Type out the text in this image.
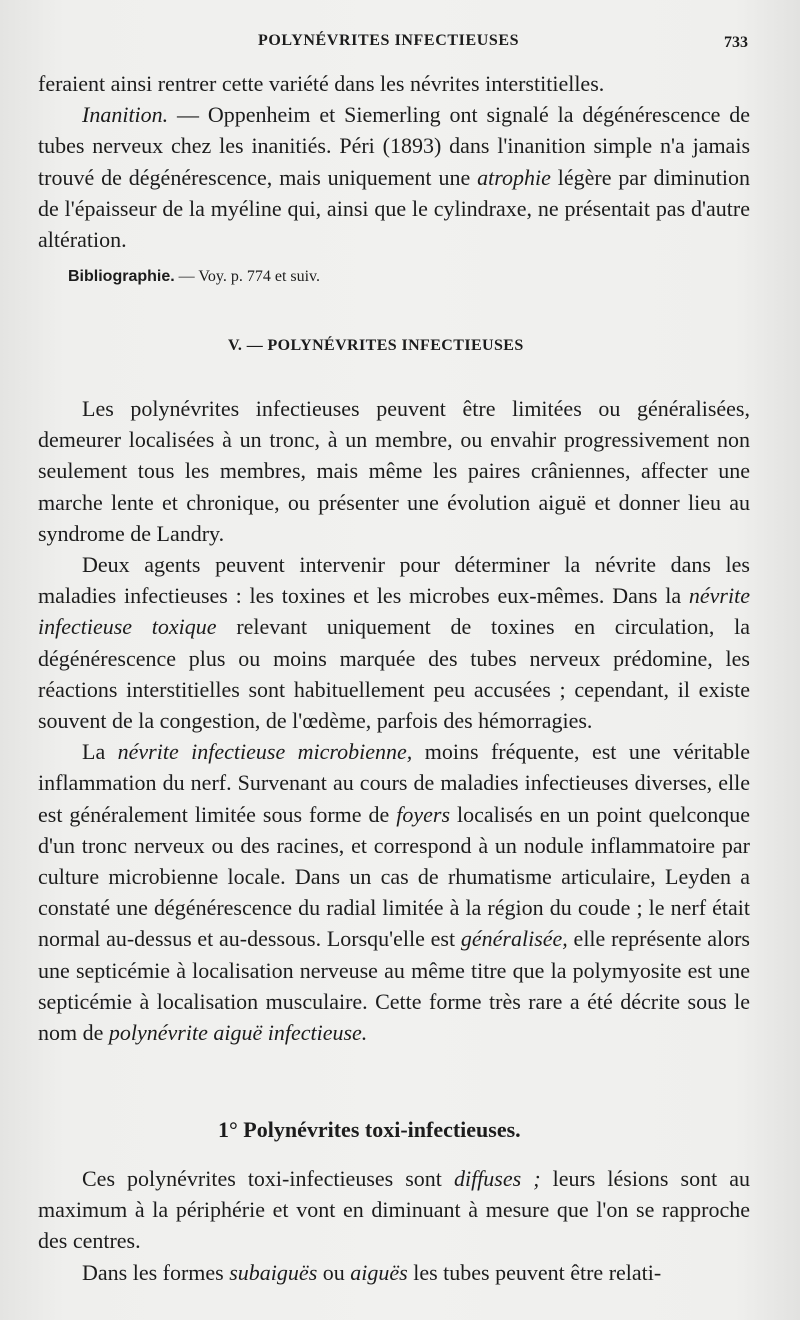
POLYNÉVRITES INFECTIEUSES	733

feraient ainsi rentrer cette variété dans les névrites interstitielles.

Inanition. — Oppenheim et Siemerling ont signalé la dégénérescence de tubes nerveux chez les inanitiés. Péri (1893) dans l'inanition simple n'a jamais trouvé de dégénérescence, mais uniquement une atrophie légère par diminution de l'épaisseur de la myéline qui, ainsi que le cylindraxe, ne présentait pas d'autre altération.

Bibliographie. — Voy. p. 774 et suiv.
V. — POLYNÉVRITES INFECTIEUSES

Les polynévrites infectieuses peuvent être limitées ou généralisées, demeurer localisées à un tronc, à un membre, ou envahir progressivement non seulement tous les membres, mais même les paires crâniennes, affecter une marche lente et chronique, ou présenter une évolution aiguë et donner lieu au syndrome de Landry.

Deux agents peuvent intervenir pour déterminer la névrite dans les maladies infectieuses : les toxines et les microbes eux-mêmes. Dans la névrite infectieuse toxique relevant uniquement de toxines en circulation, la dégénérescence plus ou moins marquée des tubes nerveux prédomine, les réactions interstitielles sont habituellement peu accusées ; cependant, il existe souvent de la congestion, de l'œdème, parfois des hémorragies.

La névrite infectieuse microbienne, moins fréquente, est une véritable inflammation du nerf. Survenant au cours de maladies infectieuses diverses, elle est généralement limitée sous forme de foyers localisés en un point quelconque d'un tronc nerveux ou des racines, et correspond à un nodule inflammatoire par culture microbienne locale. Dans un cas de rhumatisme articulaire, Leyden a constaté une dégénérescence du radial limitée à la région du coude ; le nerf était normal au-dessus et au-dessous. Lorsqu'elle est généralisée, elle représente alors une septicémie à localisation nerveuse au même titre que la polymyosite est une septicémie à localisation musculaire. Cette forme très rare a été décrite sous le nom de polynévrite aiguë infectieuse.

1° Polynévrites toxi-infectieuses.

Ces polynévrites toxi-infectieuses sont diffuses ; leurs lésions sont au maximum à la périphérie et vont en diminuant à mesure que l'on se rapproche des centres.

Dans les formes subaiguës ou aiguës les tubes peuvent être relati-
